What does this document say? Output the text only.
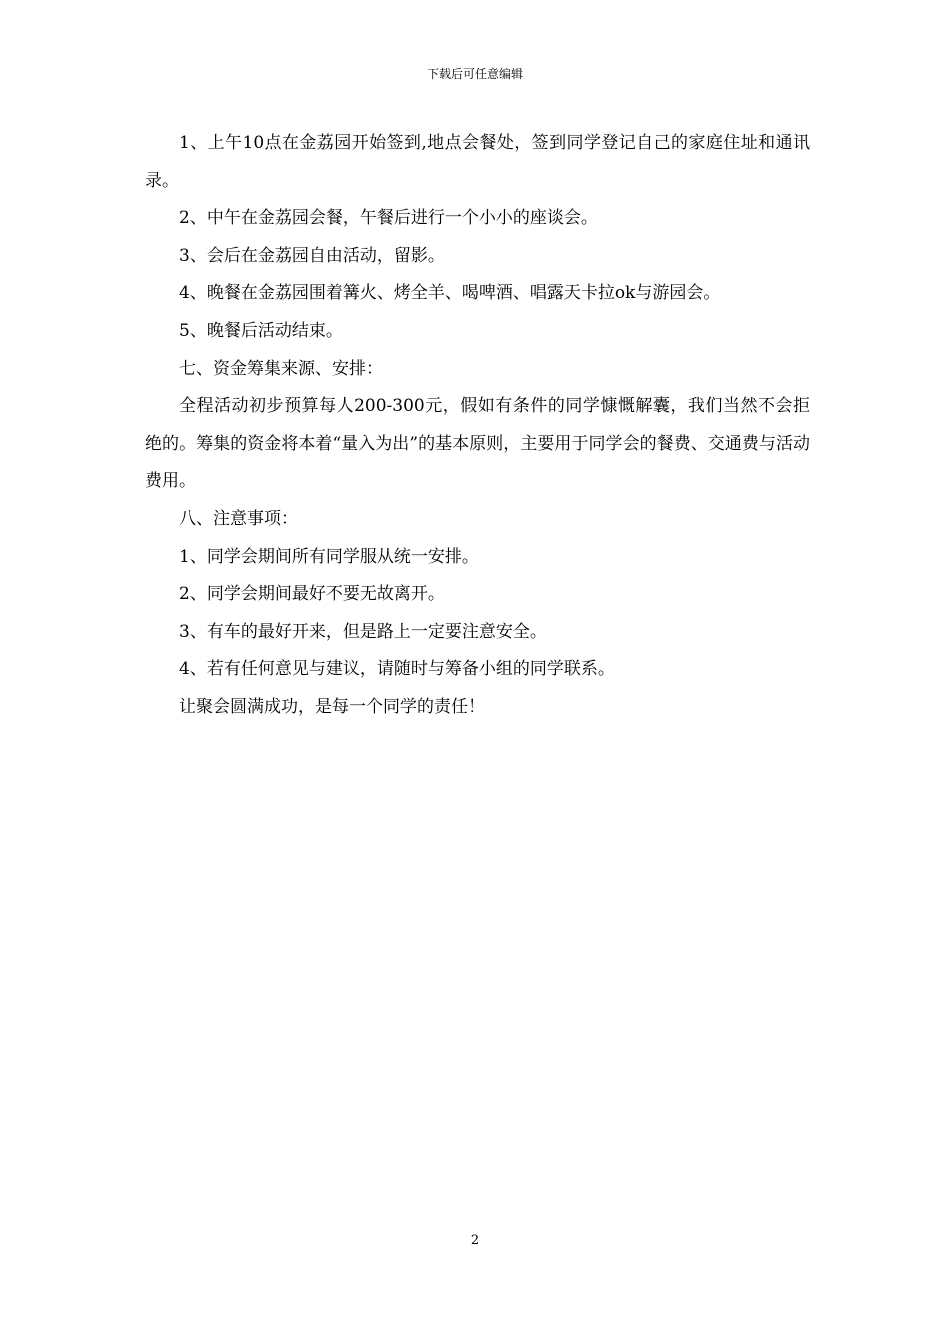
下载后可任意编辑

1、上午10点在金荔园开始签到,地点会餐处，签到同学登记自己的家庭住址和通讯录。

2、中午在金荔园会餐，午餐后进行一个小小的座谈会。

3、会后在金荔园自由活动，留影。

4、晚餐在金荔园围着篝火、烤全羊、喝啤酒、唱露天卡拉ok与游园会。

5、晚餐后活动结束。

七、资金筹集来源、安排：

全程活动初步预算每人200-300元，假如有条件的同学慷慨解囊，我们当然不会拒绝的。筹集的资金将本着“量入为出”的基本原则，主要用于同学会的餐费、交通费与活动费用。

八、注意事项：

1、同学会期间所有同学服从统一安排。

2、同学会期间最好不要无故离开。

3、有车的最好开来，但是路上一定要注意安全。

4、若有任何意见与建议，请随时与筹备小组的同学联系。

让聚会圆满成功，是每一个同学的责任！

2
